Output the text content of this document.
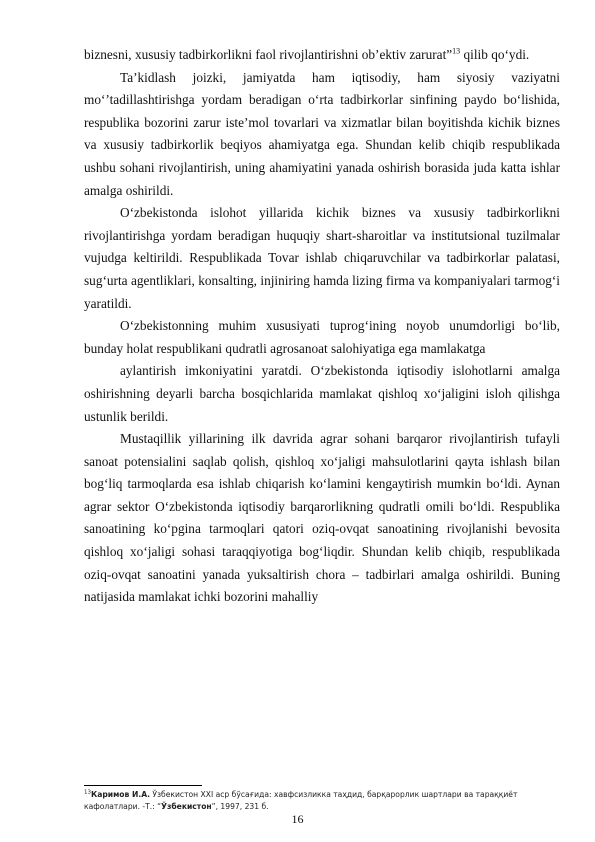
biznesni, xususiy tadbirkorlikni faol rivojlantirishni ob’ektiv zarurat”$^{13}$ qilib qo‘ydi.

Ta’kidlash joizki, jamiyatda ham iqtisodiy, ham siyosiy vaziyatni mo‘’tadillashtirishga yordam beradigan o‘rta tadbirkorlar sinfining paydo bo‘lishida, respublika bozorini zarur iste’mol tovarlari va xizmatlar bilan boyitishda kichik biznes va xususiy tadbirkorlik beqiyos ahamiyatga ega. Shundan kelib chiqib respublikada ushbu sohani rivojlantirish, uning ahamiyatini yanada oshirish borasida juda katta ishlar amalga oshirildi.

O‘zbekistonda islohot yillarida kichik biznes va xususiy tadbirkorlikni rivojlantirishga yordam beradigan huquqiy shart-sharoitlar va institutsional tuzilmalar vujudga keltirildi. Respublikada Tovar ishlab chiqaruvchilar va tadbirkorlar palatasi, sug‘urta agentliklari, konsalting, injiniring hamda lizing firma va kompaniyalari tarmog‘i yaratildi.

O‘zbekistonning muhim xususiyati tuprog‘ining noyob unumdorligi bo‘lib, bunday holat respublikani qudratli agrosanoat salohiyatiga ega mamlakatga

aylantirish imkoniyatini yaratdi. O‘zbekistonda iqtisodiy islohotlarni amalga oshirishning deyarli barcha bosqichlarida mamlakat qishloq xo‘jaligini isloh qilishga ustunlik berildi.

Mustaqillik yillarining ilk davrida agrar sohani barqaror rivojlantirish tufayli sanoat potensialini saqlab qolish, qishloq xo‘jaligi mahsulotlarini qayta ishlash bilan bog‘liq tarmoqlarda esa ishlab chiqarish ko‘lamini kengaytirish mumkin bo‘ldi. Aynan agrar sektor O‘zbekistonda iqtisodiy barqarorlikning qudratli omili bo‘ldi. Respublika sanoatining ko‘pgina tarmoqlari qatori oziq-ovqat sanoatining rivojlanishi bevosita qishloq xo‘jaligi sohasi taraqqiyotiga bog‘liqdir. Shundan kelib chiqib, respublikada oziq-ovqat sanoatini yanada yuksaltirish chora – tadbirlari amalga oshirildi. Buning natijasida mamlakat ichki bozorini mahalliy

$^{13}$Каримов И.А. Ўзбекистон XXI аср бўсағида: хавфсизликка таҳдид, барқарорлик шартлари ва тараққиёт кафолатлари. -Т.: “Ўзбекистон”, 1997, 231 б.
16
